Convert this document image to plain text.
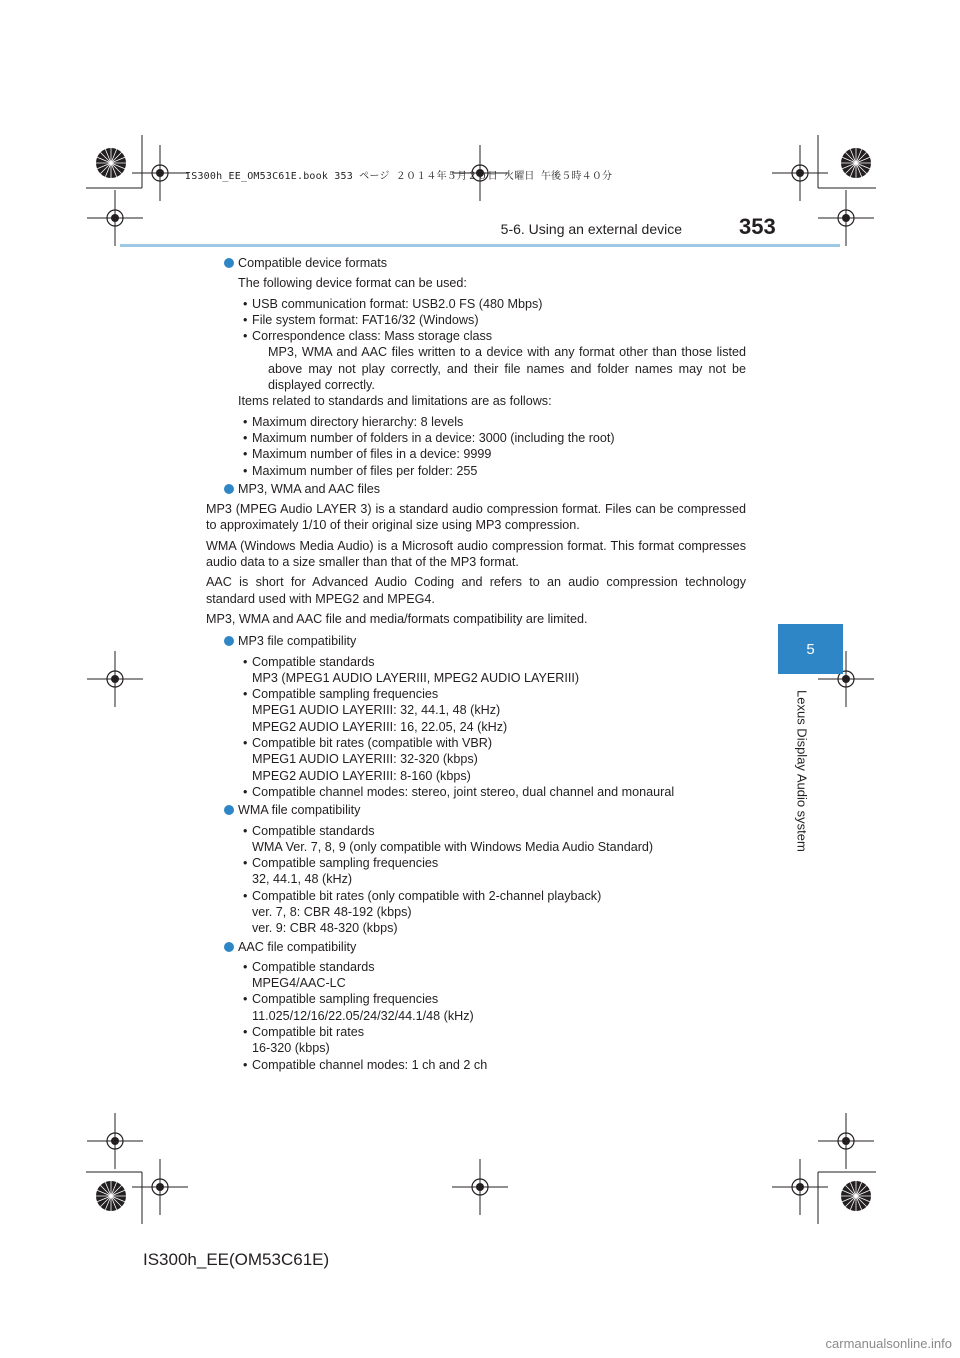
IS300h_EE_OM53C61E.book 353 ページ ２０１４年５月２０日 火曜日 午後５時４０分
5-6. Using an external device	353
5
Lexus Display Audio system
Compatible device formats
The following device format can be used:
• USB communication format: USB2.0 FS (480 Mbps)
• File system format: FAT16/32 (Windows)
• Correspondence class: Mass storage class
MP3, WMA and AAC files written to a device with any format other than those listed above may not play correctly, and their file names and folder names may not be displayed correctly.
Items related to standards and limitations are as follows:
• Maximum directory hierarchy: 8 levels
• Maximum number of folders in a device: 3000 (including the root)
• Maximum number of files in a device: 9999
• Maximum number of files per folder: 255
MP3, WMA and AAC files

MP3 (MPEG Audio LAYER 3) is a standard audio compression format. Files can be compressed to approximately 1/10 of their original size using MP3 compression.

WMA (Windows Media Audio) is a Microsoft audio compression format. This format compresses audio data to a size smaller than that of the MP3 format.

AAC is short for Advanced Audio Coding and refers to an audio compression technology standard used with MPEG2 and MPEG4.

MP3, WMA and AAC file and media/formats compatibility are limited.

MP3 file compatibility
• Compatible standards
MP3 (MPEG1 AUDIO LAYERIII, MPEG2 AUDIO LAYERIII)
• Compatible sampling frequencies
MPEG1 AUDIO LAYERIII: 32, 44.1, 48 (kHz)
MPEG2 AUDIO LAYERIII: 16, 22.05, 24 (kHz)
• Compatible bit rates (compatible with VBR)
MPEG1 AUDIO LAYERIII: 32-320 (kbps)
MPEG2 AUDIO LAYERIII: 8-160 (kbps)
• Compatible channel modes: stereo, joint stereo, dual channel and monaural
WMA file compatibility
• Compatible standards
WMA Ver. 7, 8, 9 (only compatible with Windows Media Audio Standard)
• Compatible sampling frequencies
32, 44.1, 48 (kHz)
• Compatible bit rates (only compatible with 2-channel playback)
ver. 7, 8: CBR 48-192 (kbps)
ver. 9: CBR 48-320 (kbps)
AAC file compatibility
• Compatible standards
MPEG4/AAC-LC
• Compatible sampling frequencies
11.025/12/16/22.05/24/32/44.1/48 (kHz)
• Compatible bit rates
16-320 (kbps)
• Compatible channel modes: 1 ch and 2 ch
IS300h_EE(OM53C61E)
carmanualsonline.info
